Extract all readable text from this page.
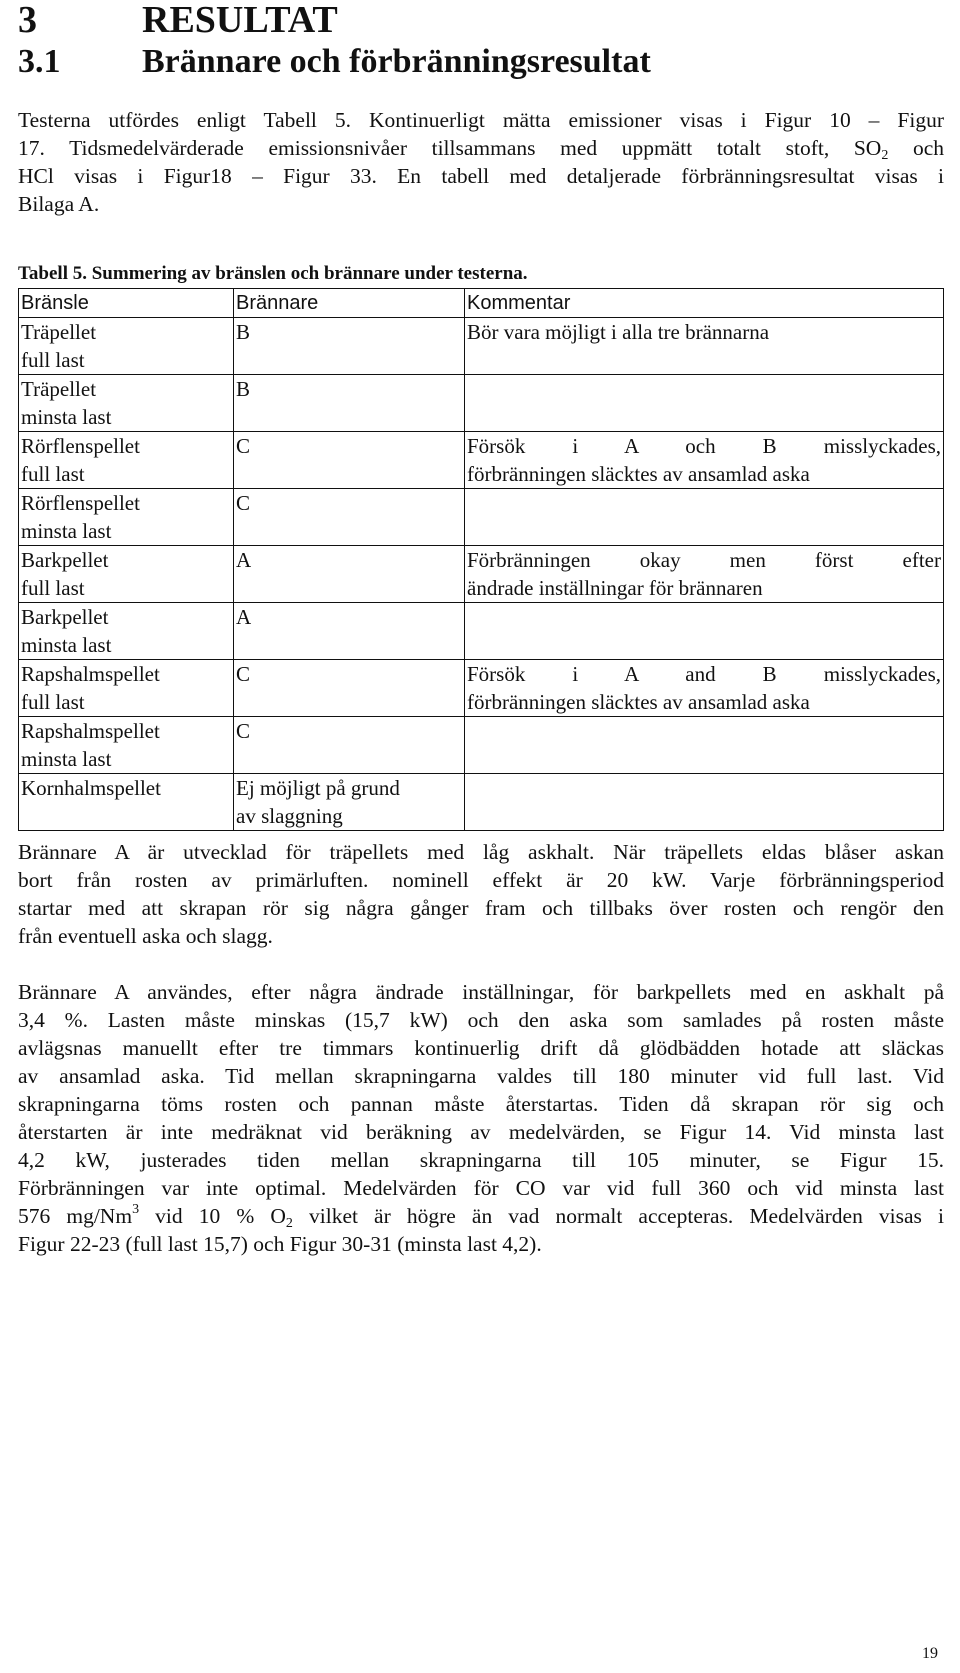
3	RESULTAT
3.1 Brännare och förbränningsresultat
Testerna utfördes enligt Tabell 5. Kontinuerligt mätta emissioner visas i Figur 10 – Figur
17. Tidsmedelvärderade emissionsnivåer tillsammans med uppmätt totalt stoft, $SO_2$ och
HCl visas i Figur18 – Figur 33. En tabell med detaljerade förbränningsresultat visas i
Bilaga A.
Tabell 5. Summering av bränslen och brännare under testerna.
Bränsle	Brännare	Kommentar

Träpellet
full last	B	Bör vara möjligt i alla tre brännarna

Träpellet
minsta last	B	

Rörflenspellet
full last	C	Försök i A och B misslyckades,
förbränningen släcktes av ansamlad aska

Rörflenspellet
minsta last	C	

Barkpellet
full last	A	Förbränningen okay men först efter
ändrade inställningar för brännaren

Barkpellet
minsta last	A	

Rapshalmspellet
full last	C	Försök i A and B misslyckades,
förbränningen släcktes av ansamlad aska

Rapshalmspellet
minsta last	C	

Kornhalmspellet	Ej möjligt på grund
av slaggning	

Brännare A är utvecklad för träpellets med låg askhalt. När träpellets eldas blåser askan
bort från rosten av primärluften. nominell effekt är 20 kW. Varje förbränningsperiod
startar med att skrapan rör sig några gånger fram och tillbaks över rosten och rengör den
från eventuell aska och slagg.
Brännare A användes, efter några ändrade inställningar, för barkpellets med en askhalt på
3,4 %. Lasten måste minskas (15,7 kW) och den aska som samlades på rosten måste
avlägsnas manuellt efter tre timmars kontinuerlig drift då glödbädden hotade att släckas
av ansamlad aska. Tid mellan skrapningarna valdes till 180 minuter vid full last. Vid
skrapningarna töms rosten och pannan måste återstartas. Tiden då skrapan rör sig och
återstarten är inte medräknat vid beräkning av medelvärden, se Figur 14. Vid minsta last
4,2 kW, justerades tiden mellan skrapningarna till 105 minuter, se Figur 15.
Förbränningen var inte optimal. Medelvärden för CO var vid full 360 och vid minsta last
576 mg/Nm$^3$ vid 10 % $O_2$ vilket är högre än vad normalt accepteras. Medelvärden visas i
Figur 22-23 (full last 15,7) och Figur 30-31 (minsta last 4,2).
19
